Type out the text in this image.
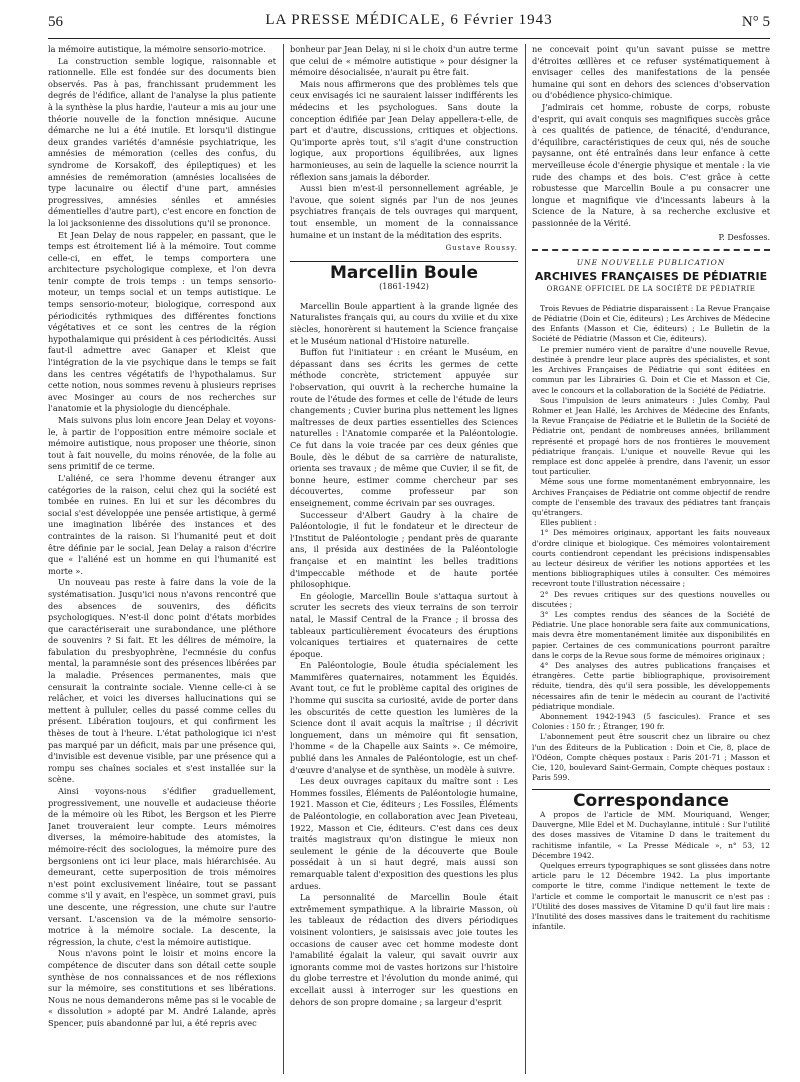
56	LA PRESSE MÉDICALE, 6 Février 1943	N° 5

la mémoire autistique, la mémoire sensorio-motrice.

La construction semble logique, raisonnable et rationnelle. Elle est fondée sur des documents bien observés. Pas à pas, franchissant prudemment les degrés de l'édifice, allant de l'analyse la plus patiente à la synthèse la plus hardie, l'auteur a mis au jour une théorie nouvelle de la fonction mnésique. Aucune démarche ne lui a été inutile. Et lorsqu'il distingue deux grandes variétés d'amnésie psychiatrique, les amnésies de mémoration (celles des confus, du syndrome de Korsakoff, des épileptiques) et les amnésies de remémoration (amnésies localisées de type lacunaire ou électif d'une part, amnésies progressives, amnésies séniles et amnésies démentielles d'autre part), c'est encore en fonction de la loi jacksonienne des dissolutions qu'il se prononce.

Et Jean Delay de nous rappeler, en passant, que le temps est étroitement lié à la mémoire. Tout comme celle-ci, en effet, le temps comportera une architecture psychologique complexe, et l'on devra tenir compte de trois temps : un temps sensorio-moteur, un temps social et un temps autistique. Le temps sensorio-moteur, biologique, correspond aux périodicités rythmiques des différentes fonctions végétatives et ce sont les centres de la région hypothalamique qui président à ces périodicités. Aussi faut-il admettre avec Ganaper et Kleist que l'intégration de la vie psychique dans le temps se fait dans les centres végétatifs de l'hypothalamus. Sur cette notion, nous sommes revenu à plusieurs reprises avec Mosinger au cours de nos recherches sur l'anatomie et la physiologie du diencéphale.

Mais suivons plus loin encore Jean Delay et voyons-le, à partir de l'opposition entre mémoire sociale et mémoire autistique, nous proposer une théorie, sinon tout à fait nouvelle, du moins rénovée, de la folie au sens primitif de ce terme.

L'aliéné, ce sera l'homme devenu étranger aux catégories de la raison, celui chez qui la société est tombée en ruines. En lui et sur les décombres du social s'est développée une pensée artistique, à germé une imagination libérée des instances et des contraintes de la raison. Si l'humanité peut et doit être définie par le social, Jean Delay a raison d'écrire que « l'aliéné est un homme en qui l'humanité est morte ».

Un nouveau pas reste à faire dans la voie de la systématisation. Jusqu'ici nous n'avons rencontré que des absences de souvenirs, des déficits psychologiques. N'est-il donc point d'états morbides que caractériserait une surabondance, une pléthore de souvenirs ? Si fait. Et les délires de mémoire, la fabulation du presbyophrène, l'ecmnésie du confus mental, la paramnésie sont des présences libérées par la maladie. Présences permanentes, mais que censurait la contrainte sociale. Vienne celle-ci à se relâcher, et voici les diverses hallucinations qui se mettent à pulluler, celles du passé comme celles du présent. Libération toujours, et qui confirment les thèses de tout à l'heure. L'état pathologique ici n'est pas marqué par un déficit, mais par une présence qui, d'invisible est devenue visible, par une présence qui a rompu ses chaînes sociales et s'est installée sur la scène.

Ainsi voyons-nous s'édifier graduellement, progressivement, une nouvelle et audacieuse théorie de la mémoire où les Ribot, les Bergson et les Pierre Janet trouveraient leur compte. Leurs mémoires diverses, la mémoire-habitude des atomistes, la mémoire-récit des sociologues, la mémoire pure des bergsoniens ont ici leur place, mais hiérarchisée. Au demeurant, cette superposition de trois mémoires n'est point exclusivement linéaire, tout se passant comme s'il y avait, en l'espèce, un sommet gravi, puis une descente, une régression, une chute sur l'autre versant. L'ascension va de la mémoire sensorio-motrice à la mémoire sociale. La descente, la régression, la chute, c'est la mémoire autistique.

Nous n'avons point le loisir et moins encore la compétence de discuter dans son détail cette souple synthèse de nos connaissances et de nos réflexions sur la mémoire, ses constitutions et ses libérations. Nous ne nous demanderons même pas si le vocable de « dissolution » adopté par M. André Lalande, après Spencer, puis abandonné par lui, a été repris avec

bonheur par Jean Delay, ni si le choix d'un autre terme que celui de « mémoire autistique » pour désigner la mémoire désocialisée, n'aurait pu être fait.

Mais nous affirmerons que des problèmes tels que ceux envisagés ici ne sauraient laisser indifférents les médecins et les psychologues. Sans doute la conception édifiée par Jean Delay appellera-t-elle, de part et d'autre, discussions, critiques et objections. Qu'importe après tout, s'il s'agit d'une construction logique, aux proportions équilibrées, aux lignes harmonieuses, au sein de laquelle la science nourrit la réflexion sans jamais la déborder.

Aussi bien m'est-il personnellement agréable, je l'avoue, que soient signés par l'un de nos jeunes psychiatres français de tels ouvrages qui marquent, tout ensemble, un moment de la connaissance humaine et un instant de la méditation des esprits.

Gustave Roussy.
Marcellin Boule
(1861-1942)

Marcellin Boule appartient à la grande lignée des Naturalistes français qui, au cours du xviiie et du xixe siècles, honorèrent si hautement la Science française et le Muséum national d'Histoire naturelle.

Buffon fut l'initiateur : en créant le Muséum, en dépassant dans ses écrits les germes de cette méthode concrète, strictement appuyée sur l'observation, qui ouvrit à la recherche humaine la route de l'étude des formes et celle de l'étude de leurs changements ; Cuvier burina plus nettement les lignes maîtresses de deux parties essentielles des Sciences naturelles : l'Anatomie comparée et la Paléontologie. Ce fut dans la voie tracée par ces deux génies que Boule, dès le début de sa carrière de naturaliste, orienta ses travaux ; de même que Cuvier, il se fit, de bonne heure, estimer comme chercheur par ses découvertes, comme professeur par son enseignement, comme écrivain par ses ouvrages.

Successeur d'Albert Gaudry à la chaire de Paléontologie, il fut le fondateur et le directeur de l'Institut de Paléontologie ; pendant près de quarante ans, il présida aux destinées de la Paléontologie française et en maintint les belles traditions d'impeccable méthode et de haute portée philosophique.

En géologie, Marcellin Boule s'attaqua surtout à scruter les secrets des vieux terrains de son terroir natal, le Massif Central de la France ; il brossa des tableaux particulièrement évocateurs des éruptions volcaniques tertiaires et quaternaires de cette époque.

En Paléontologie, Boule étudia spécialement les Mammifères quaternaires, notamment les Équidés. Avant tout, ce fut le problème capital des origines de l'homme qui suscita sa curiosité, avide de porter dans les obscurités de cette question les lumières de la Science dont il avait acquis la maîtrise ; il décrivit longuement, dans un mémoire qui fit sensation, l'homme « de la Chapelle aux Saints ». Ce mémoire, publié dans les Annales de Paléontologie, est un chef-d'œuvre d'analyse et de synthèse, un modèle à suivre.

Les deux ouvrages capitaux du maître sont : Les Hommes fossiles, Éléments de Paléontologie humaine, 1921. Masson et Cie, éditeurs ; Les Fossiles, Éléments de Paléontologie, en collaboration avec Jean Piveteau, 1922, Masson et Cie, éditeurs. C'est dans ces deux traités magistraux qu'on distingue le mieux non seulement le génie de la découverte que Boule possédait à un si haut degré, mais aussi son remarquable talent d'exposition des questions les plus ardues.

La personnalité de Marcellin Boule était extrêmement sympathique. A la librairie Masson, où les tableaux de rédaction des divers périodiques voisinent volontiers, je saisissais avec joie toutes les occasions de causer avec cet homme modeste dont l'amabilité égalait la valeur, qui savait ouvrir aux ignorants comme moi de vastes horizons sur l'histoire du globe terrestre et l'évolution du monde animé, qui excellait aussi à interroger sur les questions en dehors de son propre domaine ; sa largeur d'esprit

ne concevait point qu'un savant puisse se mettre d'étroites œillères et ce refuser systématiquement à envisager celles des manifestations de la pensée humaine qui sont en dehors des sciences d'observation ou d'obédience physico-chimique.

J'admirais cet homme, robuste de corps, robuste d'esprit, qui avait conquis ses magnifiques succès grâce à ces qualités de patience, de ténacité, d'endurance, d'équilibre, caractéristiques de ceux qui, nés de souche paysanne, ont été entraînés dans leur enfance à cette merveilleuse école d'énergie physique et mentale : la vie rude des champs et des bois. C'est grâce à cette robustesse que Marcellin Boule a pu consacrer une longue et magnifique vie d'incessants labeurs à la Science de la Nature, à sa recherche exclusive et passionnée de la Vérité.

P. Desfosses.
UNE NOUVELLE PUBLICATION
ARCHIVES FRANÇAISES DE PÉDIATRIE
ORGANE OFFICIEL DE LA SOCIÉTÉ DE PÉDIATRIE

Trois Revues de Pédiatrie disparaissent : La Revue Française de Pédiatrie (Doin et Cie, éditeurs) ; Les Archives de Médecine des Enfants (Masson et Cie, éditeurs) ; Le Bulletin de la Société de Pédiatrie (Masson et Cie, éditeurs).

Le premier numéro vient de paraître d'une nouvelle Revue, destinée à prendre leur place auprès des spécialistes, et sont les Archives Françaises de Pédiatrie qui sont éditées en commun par les Librairies G. Doin et Cie et Masson et Cie, avec le concours et la collaboration de la Société de Pédiatrie.

Sous l'impulsion de leurs animateurs : Jules Comby, Paul Rohmer et Jean Hallé, les Archives de Médecine des Enfants, la Revue Française de Pédiatrie et le Bulletin de la Société de Pédiatrie ont, pendant de nombreuses années, brillamment représenté et propagé hors de nos frontières le mouvement pédiatrique français. L'unique et nouvelle Revue qui les remplace est donc appelée à prendre, dans l'avenir, un essor tout particulier.

Même sous une forme momentanément embryonnaire, les Archives Françaises de Pédiatrie ont comme objectif de rendre compte de l'ensemble des travaux des pédiatres tant français qu'étrangers.

Elles publient :

1° Des mémoires originaux, apportant les faits nouveaux d'ordre clinique et biologique. Ces mémoires volontairement courts contiendront cependant les précisions indispensables au lecteur désireux de vérifier les notions apportées et les mentions bibliographiques utiles à consulter. Ces mémoires recevront toute l'illustration nécessaire ;

2° Des revues critiques sur des questions nouvelles ou discutées ;

3° Les comptes rendus des séances de la Société de Pédiatrie. Une place honorable sera faite aux communications, mais devra être momentanément limitée aux disponibilités en papier. Certaines de ces communications pourront paraître dans le corps de la Revue sous forme de mémoires originaux ;

4° Des analyses des autres publications françaises et étrangères. Cette partie bibliographique, provisoirement réduite, tiendra, dès qu'il sera possible, les développements nécessaires afin de tenir le médecin au courant de l'activité pédiatrique mondiale.

Abonnement 1942-1943 (5 fascicules). France et ses Colonies : 150 fr. ; Étranger, 190 fr.

L'abonnement peut être souscrit chez un libraire ou chez l'un des Éditeurs de la Publication : Doin et Cie, 8, place de l'Odéon, Compte chèques postaux : Paris 201-71 ; Masson et Cie, 120, boulevard Saint-Germain, Compte chèques postaux : Paris 599.

Correspondance

A propos de l'article de MM. Mouriquand, Wenger, Dauvergne, Mlle Edel et M. Duchaylanne, intitulé : Sur l'utilité des doses massives de Vitamine D dans le traitement du rachitisme infantile, « La Presse Médicale », n° 53, 12 Décembre 1942.

Quelques erreurs typographiques se sont glissées dans notre article paru le 12 Décembre 1942. La plus importante comporte le titre, comme l'indique nettement le texte de l'article et comme le comportait le manuscrit ce n'est pas : l'Utilité des doses massives de Vitamine D qu'il faut lire mais : l'Inutilité des doses massives dans le traitement du rachitisme infantile.
